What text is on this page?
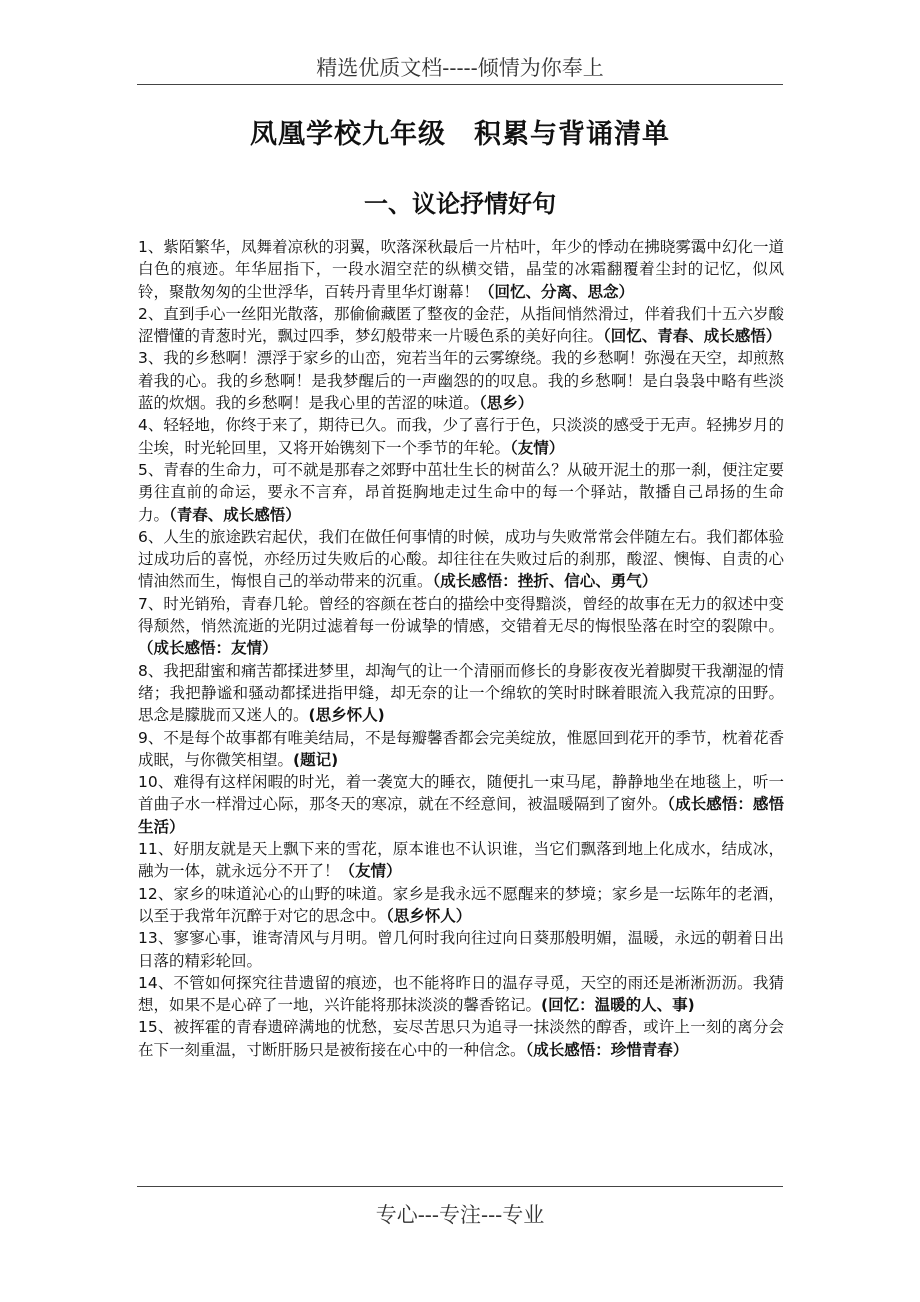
精选优质文档-----倾情为你奉上
凤凰学校九年级　积累与背诵清单
一、议论抒情好句

1、紫陌繁华，凤舞着凉秋的羽翼，吹落深秋最后一片枯叶，年少的悸动在拂晓雾霭中幻化一道白色的痕迹。年华屈指下，一段水湄空茫的纵横交错，晶莹的冰霜翻覆着尘封的记忆，似风铃，聚散匆匆的尘世浮华，百转丹青里华灯谢幕！（回忆、分离、思念）

2、直到手心一丝阳光散落，那偷偷藏匿了整夜的金茫，从指间悄然滑过，伴着我们十五六岁酸涩懵懂的青葱时光，飘过四季，梦幻般带来一片暖色系的美好向往。（回忆、青春、成长感悟）

3、我的乡愁啊！漂浮于家乡的山峦，宛若当年的云雾缭绕。我的乡愁啊！弥漫在天空，却煎熬着我的心。我的乡愁啊！是我梦醒后的一声幽怨的的叹息。我的乡愁啊！是白袅袅中略有些淡蓝的炊烟。我的乡愁啊！是我心里的苦涩的味道。（思乡）

4、轻轻地，你终于来了，期待已久。而我，少了喜行于色，只淡淡的感受于无声。轻拂岁月的尘埃，时光轮回里，又将开始镌刻下一个季节的年轮。（友情）

5、青春的生命力，可不就是那春之郊野中茁壮生长的树苗么？从破开泥土的那一刹，便注定要勇往直前的命运，要永不言弃，昂首挺胸地走过生命中的每一个驿站，散播自己昂扬的生命力。（青春、成长感悟）

6、人生的旅途跌宕起伏，我们在做任何事情的时候，成功与失败常常会伴随左右。我们都体验过成功后的喜悦，亦经历过失败后的心酸。却往往在失败过后的刹那，酸涩、懊悔、自责的心情油然而生，悔恨自己的举动带来的沉重。（成长感悟：挫折、信心、勇气）

7、时光销殆，青春几轮。曾经的容颜在苍白的描绘中变得黯淡，曾经的故事在无力的叙述中变得颓然，悄然流逝的光阴过滤着每一份诚挚的情感，交错着无尽的悔恨坠落在时空的裂隙中。（成长感悟：友情）

8、我把甜蜜和痛苦都揉进梦里，却淘气的让一个清丽而修长的身影夜夜光着脚熨干我潮湿的情绪；我把静谧和骚动都揉进指甲缝，却无奈的让一个绵软的笑时时眯着眼流入我荒凉的田野。思念是朦胧而又迷人的。(思乡怀人)

9、不是每个故事都有唯美结局，不是每瓣馨香都会完美绽放，惟愿回到花开的季节，枕着花香成眠，与你微笑相望。(题记)

10、难得有这样闲暇的时光，着一袭宽大的睡衣，随便扎一束马尾，静静地坐在地毯上，听一首曲子水一样滑过心际，那冬天的寒凉，就在不经意间，被温暖隔到了窗外。（成长感悟：感悟生活）

11、好朋友就是天上飘下来的雪花，原本谁也不认识谁，当它们飘落到地上化成水，结成冰，融为一体，就永远分不开了！（友情）

12、家乡的味道沁心的山野的味道。家乡是我永远不愿醒来的梦境；家乡是一坛陈年的老酒，以至于我常年沉醉于对它的思念中。（思乡怀人）

13、寥寥心事，谁寄清风与月明。曾几何时我向往过向日葵那般明媚，温暖，永远的朝着日出日落的精彩轮回。

14、不管如何探究往昔遗留的痕迹，也不能将昨日的温存寻觅，天空的雨还是淅淅沥沥。我猜想，如果不是心碎了一地，兴许能将那抹淡淡的馨香铭记。(回忆：温暖的人、事)

15、被挥霍的青春遗碎满地的忧愁，妄尽苦思只为追寻一抹淡然的醇香，或许上一刻的离分会在下一刻重温，寸断肝肠只是被衔接在心中的一种信念。（成长感悟：珍惜青春）

专心---专注---专业
